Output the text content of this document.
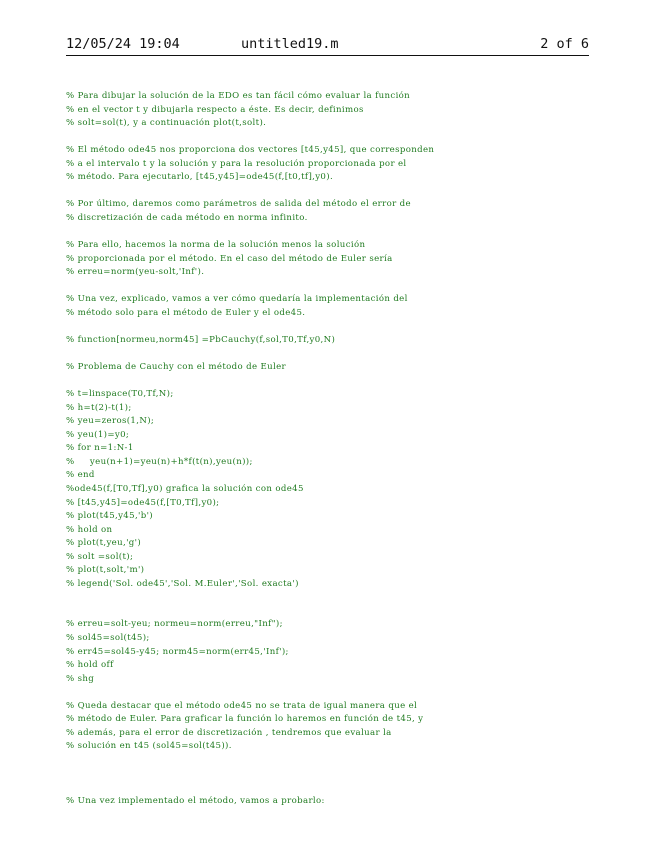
12/05/24 19:04	untitled19.m	2 of 6
% Para dibujar la solución de la EDO es tan fácil cómo evaluar la función
% en el vector t y dibujarla respecto a éste. Es decir, definimos
% solt=sol(t), y a continuación plot(t,solt).
% El método ode45 nos proporciona dos vectores [t45,y45], que corresponden
% a el intervalo t y la solución y para la resolución proporcionada por el
% método. Para ejecutarlo, [t45,y45]=ode45(f,[t0,tf],y0).
% Por último, daremos como parámetros de salida del método el error de
% discretización de cada método en norma infinito.
% Para ello, hacemos la norma de la solución menos la solución
% proporcionada por el método. En el caso del método de Euler sería
% erreu=norm(yeu-solt,'Inf').
% Una vez, explicado, vamos a ver cómo quedaría la implementación del
% método solo para el método de Euler y el ode45.
% function[normeu,norm45] =PbCauchy(f,sol,T0,Tf,y0,N)
% Problema de Cauchy con el método de Euler
% t=linspace(T0,Tf,N);
% h=t(2)-t(1);
% yeu=zeros(1,N);
% yeu(1)=y0;
% for n=1:N-1
%     yeu(n+1)=yeu(n)+h*f(t(n),yeu(n));
% end
%ode45(f,[T0,Tf],y0) grafica la solución con ode45
% [t45,y45]=ode45(f,[T0,Tf],y0);
% plot(t45,y45,'b')
% hold on
% plot(t,yeu,'g')
% solt =sol(t);
% plot(t,solt,'m')
% legend('Sol. ode45','Sol. M.Euler','Sol. exacta')
% erreu=solt-yeu; normeu=norm(erreu,"Inf");
% sol45=sol(t45);
% err45=sol45-y45; norm45=norm(err45,'Inf');
% hold off
% shg
% Queda destacar que el método ode45 no se trata de igual manera que el
% método de Euler. Para graficar la función lo haremos en función de t45, y
% además, para el error de discretización , tendremos que evaluar la
% solución en t45 (sol45=sol(t45)).
% Una vez implementado el método, vamos a probarlo:
